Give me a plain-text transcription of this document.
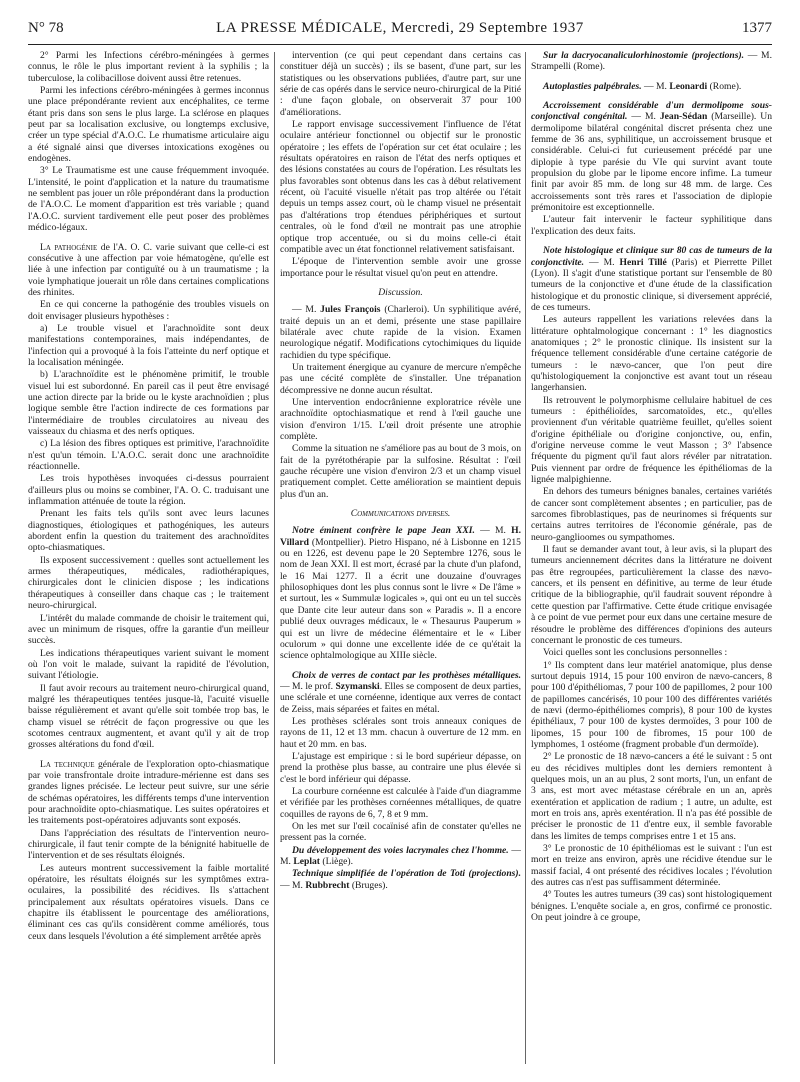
N° 78	LA PRESSE MÉDICALE, Mercredi, 29 Septembre 1937	1377

2° Parmi les Infections cérébro-méningées à germes connus, le rôle le plus important revient à la syphilis ; la tuberculose, la colibacillose doivent aussi être retenues.

Parmi les infections cérébro-méningées à germes inconnus une place prépondérante revient aux encéphalites, ce terme étant pris dans son sens le plus large. La sclérose en plaques peut par sa localisation exclusive, ou longtemps exclusive, créer un type spécial d'A.O.C. Le rhumatisme articulaire aigu a été signalé ainsi que diverses intoxications exogènes ou endogènes.

3° Le Traumatisme est une cause fréquemment invoquée. L'intensité, le point d'application et la nature du traumatisme ne semblent pas jouer un rôle prépondérant dans la production de l'A.O.C. Le moment d'apparition est très variable ; quand l'A.O.C. survient tardivement elle peut poser des problèmes médico-légaux.

La pathogénie de l'A. O. C. varie suivant que celle-ci est consécutive à une affection par voie hématogène, qu'elle est liée à une infection par contiguïté ou à un traumatisme ; la voie lymphatique jouerait un rôle dans certaines complications des rhinites.

En ce qui concerne la pathogénie des troubles visuels on doit envisager plusieurs hypothèses :

a) Le trouble visuel et l'arachnoïdite sont deux manifestations contemporaines, mais indépendantes, de l'infection qui a provoqué à la fois l'atteinte du nerf optique et la localisation méningée.

b) L'arachnoïdite est le phénomène primitif, le trouble visuel lui est subordonné. En pareil cas il peut être envisagé une action directe par la bride ou le kyste arachnoïdien ; plus logique semble être l'action indirecte de ces formations par l'intermédiaire de troubles circulatoires au niveau des vaisseaux du chiasma et des nerfs optiques.

c) La lésion des fibres optiques est primitive, l'arachnoïdite n'est qu'un témoin. L'A.O.C. serait donc une arachnoïdite réactionnelle.

Les trois hypothèses invoquées ci-dessus pourraient d'ailleurs plus ou moins se combiner, l'A. O. C. traduisant une inflammation atténuée de toute la région.

Prenant les faits tels qu'ils sont avec leurs lacunes diagnostiques, étiologiques et pathogéniques, les auteurs abordent enfin la question du traitement des arachnoïdites opto-chiasmatiques.

Ils exposent successivement : quelles sont actuellement les armes thérapeutiques, médicales, radiothérapiques, chirurgicales dont le clinicien dispose ; les indications thérapeutiques à conseiller dans chaque cas ; le traitement neuro-chirurgical.

L'intérêt du malade commande de choisir le traitement qui, avec un minimum de risques, offre la garantie d'un meilleur succès.

Les indications thérapeutiques varient suivant le moment où l'on voit le malade, suivant la rapidité de l'évolution, suivant l'étiologie.

Il faut avoir recours au traitement neuro-chirurgical quand, malgré les thérapeutiques tentées jusque-là, l'acuité visuelle baisse régulièrement et avant qu'elle soit tombée trop bas, le champ visuel se rétrécit de façon progressive ou que les scotomes centraux augmentent, et avant qu'il y ait de trop grosses altérations du fond d'œil.

La technique générale de l'exploration opto-chiasmatique par voie transfrontale droite intradure-mérienne est dans ses grandes lignes précisée. Le lecteur peut suivre, sur une série de schémas opératoires, les différents temps d'une intervention pour arachnoïdite opto-chiasmatique. Les suites opératoires et les traitements post-opératoires adjuvants sont exposés.

Dans l'appréciation des résultats de l'intervention neuro-chirurgicale, il faut tenir compte de la bénignité habituelle de l'intervention et de ses résultats éloignés.

Les auteurs montrent successivement la faible mortalité opératoire, les résultats éloignés sur les symptômes extra-oculaires, la possibilité des récidives. Ils s'attachent principalement aux résultats opératoires visuels. Dans ce chapitre ils établissent le pourcentage des améliorations, éliminant ces cas qu'ils considèrent comme améliorés, tous ceux dans lesquels l'évolution a été simplement arrêtée après

intervention (ce qui peut cependant dans certains cas constituer déjà un succès) ; ils se basent, d'une part, sur les statistiques ou les observations publiées, d'autre part, sur une série de cas opérés dans le service neuro-chirurgical de la Pitié : d'une façon globale, on observerait 37 pour 100 d'améliorations.

Le rapport envisage successivement l'influence de l'état oculaire antérieur fonctionnel ou objectif sur le pronostic opératoire ; les effets de l'opération sur cet état oculaire ; les résultats opératoires en raison de l'état des nerfs optiques et des lésions constatées au cours de l'opération. Les résultats les plus favorables sont obtenus dans les cas à début relativement récent, où l'acuité visuelle n'était pas trop altérée ou l'était depuis un temps assez court, où le champ visuel ne présentait pas d'altérations trop étendues périphériques et surtout centrales, où le fond d'œil ne montrait pas une atrophie optique trop accentuée, ou si du moins celle-ci était compatible avec un état fonctionnel relativement satisfaisant.

L'époque de l'intervention semble avoir une grosse importance pour le résultat visuel qu'on peut en attendre.

Discussion.

— M. Jules François (Charleroi). Un syphilitique avéré, traité depuis un an et demi, présente une stase papillaire bilatérale avec chute rapide de la vision. Examen neurologique négatif. Modifications cytochimiques du liquide rachidien du type spécifique.

Un traitement énergique au cyanure de mercure n'empêche pas une cécité complète de s'installer. Une trépanation décompressive ne donne aucun résultat.

Une intervention endocrânienne exploratrice révèle une arachnoïdite optochiasmatique et rend à l'œil gauche une vision d'environ 1/15. L'œil droit présente une atrophie complète.

Comme la situation ne s'améliore pas au bout de 3 mois, on fait de la pyrétothérapie par la sulfosine. Résultat : l'œil gauche récupère une vision d'environ 2/3 et un champ visuel pratiquement complet. Cette amélioration se maintient depuis plus d'un an.

Communications diverses.

Notre éminent confrère le pape Jean XXI. — M. H. Villard (Montpellier). Pietro Hispano, né à Lisbonne en 1215 ou en 1226, est devenu pape le 20 Septembre 1276, sous le nom de Jean XXI. Il est mort, écrasé par la chute d'un plafond, le 16 Mai 1277. Il a écrit une douzaine d'ouvrages philosophiques dont les plus connus sont le livre « De l'âme » et surtout, les « Summulæ logicales », qui ont eu un tel succès que Dante cite leur auteur dans son « Paradis ». Il a encore publié deux ouvrages médicaux, le « Thesaurus Pauperum » qui est un livre de médecine élémentaire et le « Liber oculorum » qui donne une excellente idée de ce qu'était la science ophtalmologique au XIIIe siècle.

Choix de verres de contact par les prothèses métalliques. — M. le prof. Szymanski. Elles se composent de deux parties, une sclérale et une cornéenne, identique aux verres de contact de Zeiss, mais séparées et faites en métal.

Les prothèses sclérales sont trois anneaux coniques de rayons de 11, 12 et 13 mm. chacun à ouverture de 12 mm. en haut et 20 mm. en bas.

L'ajustage est empirique : si le bord supérieur dépasse, on prend la prothèse plus basse, au contraire une plus élevée si c'est le bord inférieur qui dépasse.

La courbure cornéenne est calculée à l'aide d'un diagramme et vérifiée par les prothèses cornéennes métalliques, de quatre coquilles de rayons de 6, 7, 8 et 9 mm.

On les met sur l'œil cocaïnisé afin de constater qu'elles ne pressent pas la cornée.

Du développement des voies lacrymales chez l'homme. — M. Leplat (Liège).

Technique simplifiée de l'opération de Toti (projections). — M. Rubbrecht (Bruges).

Sur la dacryocanaliculorhinostomie (projections). — M. Strampelli (Rome).

Autoplasties palpébrales. — M. Leonardi (Rome).

Accroissement considérable d'un dermolipome sous-conjonctival congénital. — M. Jean-Sédan (Marseille). Un dermolipome bilatéral congénital discret présenta chez une femme de 36 ans, syphilitique, un accroissement brusque et considérable. Celui-ci fut curieusement précédé par une diplopie à type parésie du VIe qui survint avant toute propulsion du globe par le lipome encore infime. La tumeur finit par avoir 85 mm. de long sur 48 mm. de large. Ces accroissements sont très rares et l'association de diplopie prémonitoire est exceptionnelle.

L'auteur fait intervenir le facteur syphilitique dans l'explication des deux faits.

Note histologique et clinique sur 80 cas de tumeurs de la conjonctivite. — M. Henri Tillé (Paris) et Pierrette Pillet (Lyon). Il s'agit d'une statistique portant sur l'ensemble de 80 tumeurs de la conjonctive et d'une étude de la classification histologique et du pronostic clinique, si diversement apprécié, de ces tumeurs.

Les auteurs rappellent les variations relevées dans la littérature ophtalmologique concernant : 1° les diagnostics anatomiques ; 2° le pronostic clinique. Ils insistent sur la fréquence tellement considérable d'une certaine catégorie de tumeurs : le nævo-cancer, que l'on peut dire qu'histologiquement la conjonctive est avant tout un réseau langerhansien.

Ils retrouvent le polymorphisme cellulaire habituel de ces tumeurs : épithélioïdes, sarcomatoïdes, etc., qu'elles proviennent d'un véritable quatrième feuillet, qu'elles soient d'origine épithéliale ou d'origine conjonctive, ou, enfin, d'origine nerveuse comme le veut Masson ; 3° l'absence fréquente du pigment qu'il faut alors révéler par nitratation. Puis viennent par ordre de fréquence les épithéliomas de la lignée malpighienne.

En dehors des tumeurs bénignes banales, certaines variétés de cancer sont complètement absentes ; en particulier, pas de sarcomes fibroblastiques, pas de neurinomes si fréquents sur certains autres territoires de l'économie générale, pas de neuro-ganglioomes ou sympathomes.

Il faut se demander avant tout, à leur avis, si la plupart des tumeurs anciennement décrites dans la littérature ne doivent pas être regroupées, particulièrement la classe des nævo-cancers, et ils pensent en définitive, au terme de leur étude critique de la bibliographie, qu'il faudrait souvent répondre à cette question par l'affirmative. Cette étude critique envisagée à ce point de vue permet pour eux dans une certaine mesure de résoudre le problème des différences d'opinions des auteurs concernant le pronostic de ces tumeurs.

Voici quelles sont les conclusions personnelles :

1° Ils comptent dans leur matériel anatomique, plus dense surtout depuis 1914, 15 pour 100 environ de nævo-cancers, 8 pour 100 d'épithéliomas, 7 pour 100 de papillomes, 2 pour 100 de papillomes cancérisés, 10 pour 100 des différentes variétés de nævi (dermo-épithéliomes compris), 8 pour 100 de kystes épithéliaux, 7 pour 100 de kystes dermoïdes, 3 pour 100 de lipomes, 15 pour 100 de fibromes, 15 pour 100 de lymphomes, 1 ostéome (fragment probable d'un dermoïde).

2° Le pronostic de 18 nævo-cancers a été le suivant : 5 ont eu des récidives multiples dont les derniers remontent à quelques mois, un an au plus, 2 sont morts, l'un, un enfant de 3 ans, est mort avec métastase cérébrale en un an, après exentération et application de radium ; 1 autre, un adulte, est mort en trois ans, après exentération. Il n'a pas été possible de préciser le pronostic de 11 d'entre eux, il semble favorable dans les limites de temps comprises entre 1 et 15 ans.

3° Le pronostic de 10 épithéliomas est le suivant : l'un est mort en treize ans environ, après une récidive étendue sur le massif facial, 4 ont présenté des récidives locales ; l'évolution des autres cas n'est pas suffisamment déterminée.

4° Toutes les autres tumeurs (39 cas) sont histologiquement bénignes. L'enquête sociale a, en gros, confirmé ce pronostic. On peut joindre à ce groupe,
